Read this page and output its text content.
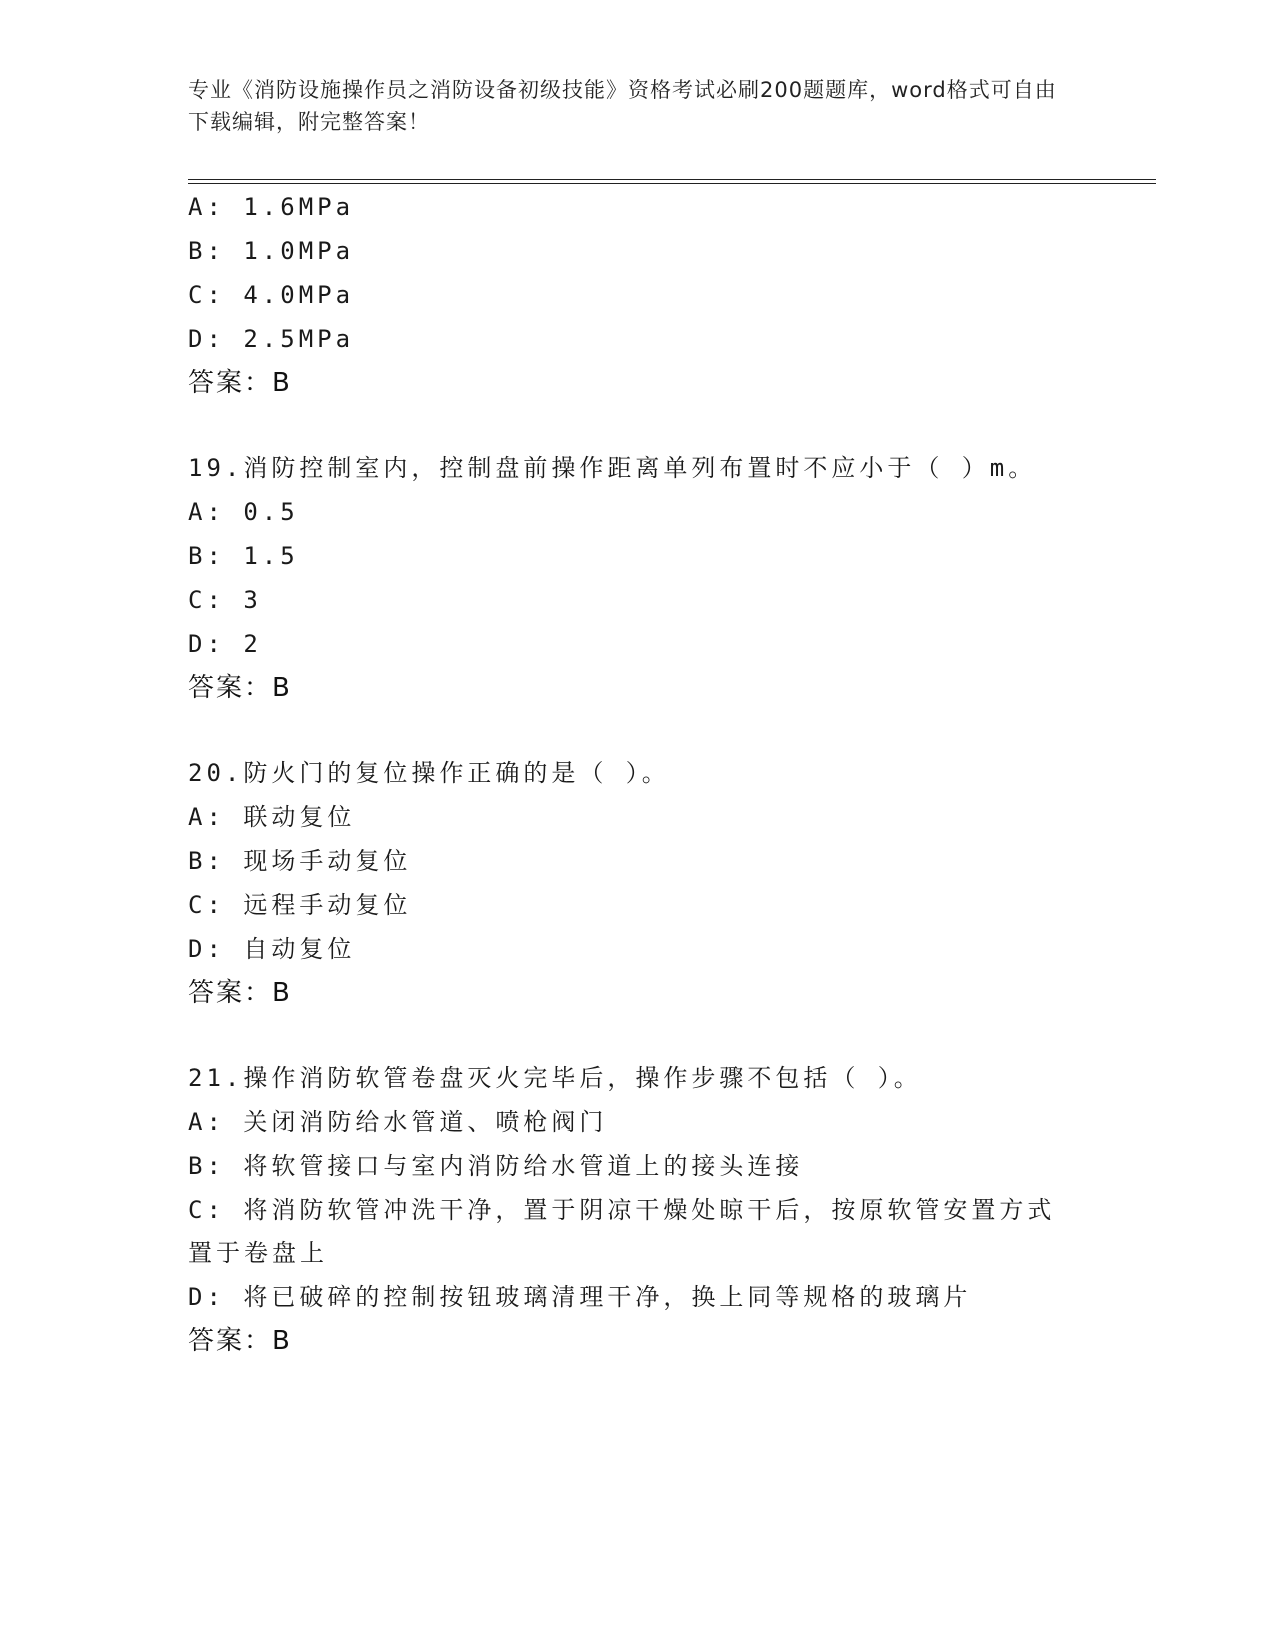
专业《消防设施操作员之消防设备初级技能》资格考试必刷200题题库，word格式可自由下载编辑，附完整答案！
A: 1.6MPa
B: 1.0MPa
C: 4.0MPa
D: 2.5MPa
答案：B
19.消防控制室内，控制盘前操作距离单列布置时不应小于（ ）m。
A: 0.5
B: 1.5
C: 3
D: 2
答案：B
20.防火门的复位操作正确的是（ ）。
A: 联动复位
B: 现场手动复位
C: 远程手动复位
D: 自动复位
答案：B
21.操作消防软管卷盘灭火完毕后，操作步骤不包括（ ）。
A: 关闭消防给水管道、喷枪阀门
B: 将软管接口与室内消防给水管道上的接头连接
C: 将消防软管冲洗干净，置于阴凉干燥处晾干后，按原软管安置方式
置于卷盘上
D: 将已破碎的控制按钮玻璃清理干净，换上同等规格的玻璃片
答案：B
